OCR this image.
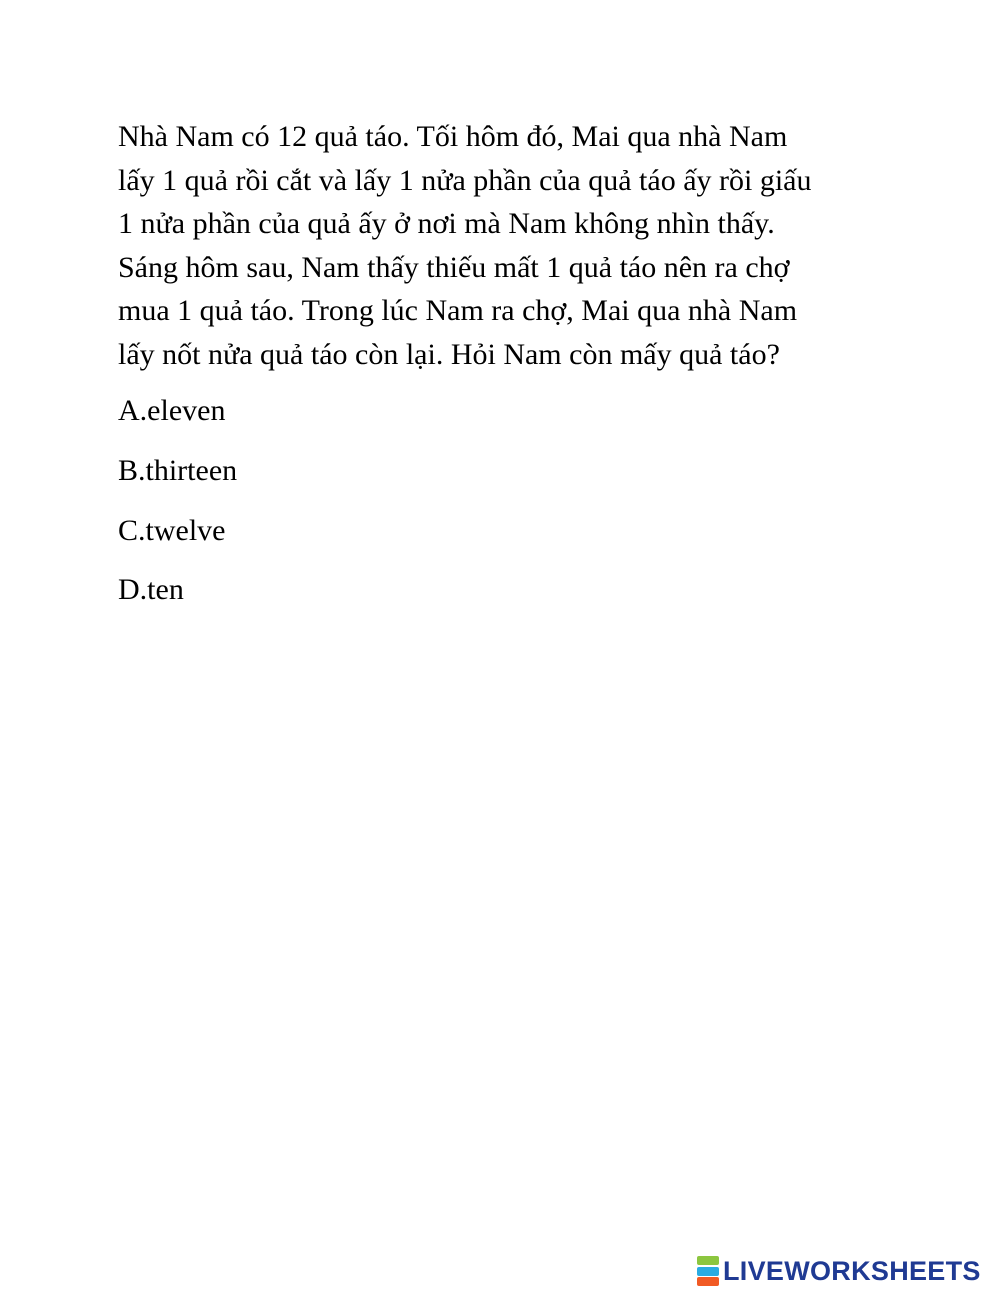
Nhà Nam có 12 quả táo. Tối hôm đó, Mai qua nhà Nam
lấy 1 quả rồi cắt và lấy 1 nửa phần của quả táo ấy rồi giấu
1 nửa phần của quả ấy ở nơi mà Nam không nhìn thấy.
Sáng hôm sau, Nam thấy thiếu mất 1 quả táo nên ra chợ
mua 1 quả táo. Trong lúc Nam ra chợ, Mai qua nhà Nam
lấy nốt nửa quả táo còn lại. Hỏi Nam còn mấy quả táo?
A.eleven
B.thirteen
C.twelve
D.ten
LIVEWORKSHEETS
